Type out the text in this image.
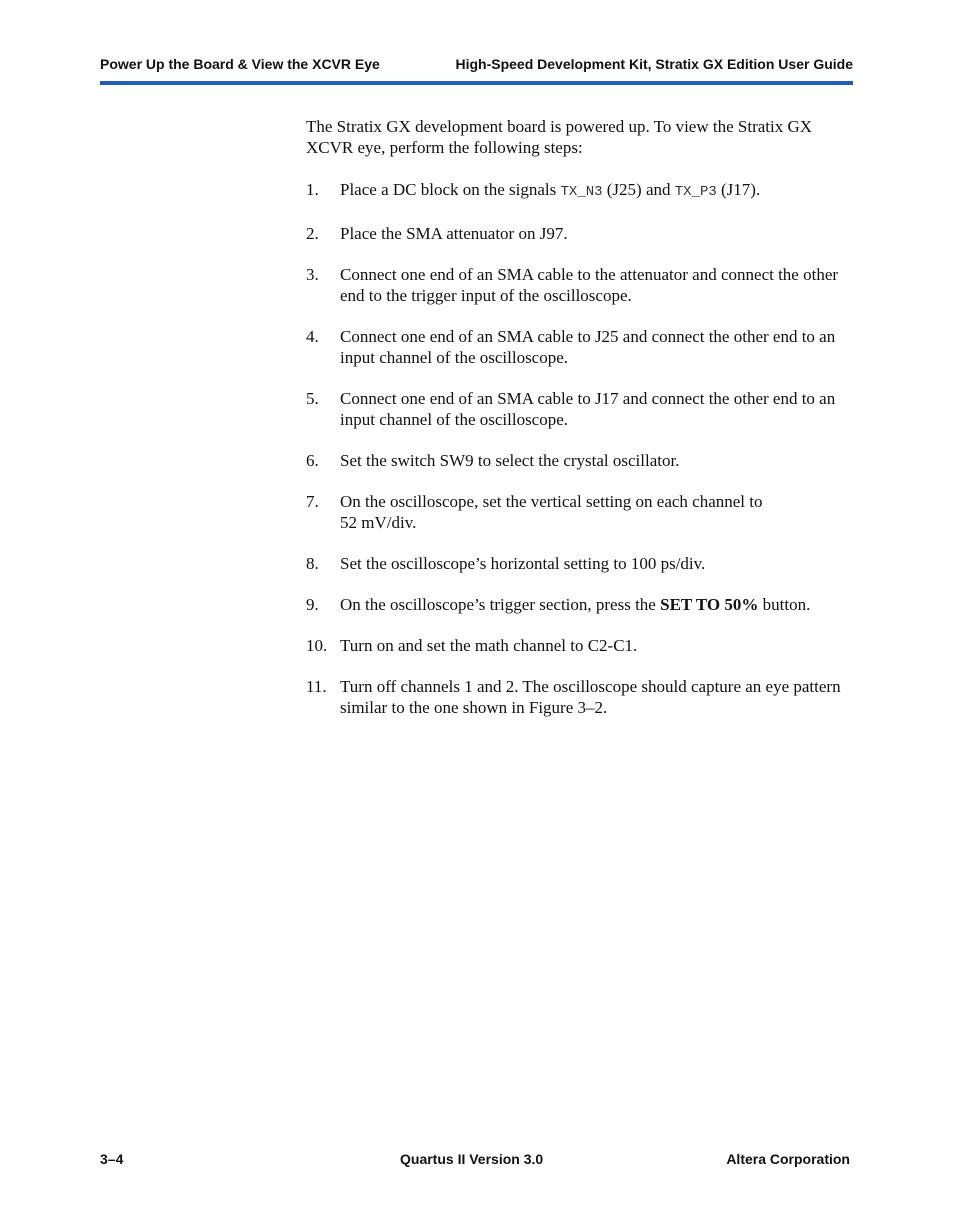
Power Up the Board & View the XCVR Eye	High-Speed Development Kit, Stratix GX Edition User Guide

The Stratix GX development board is powered up. To view the Stratix GX XCVR eye, perform the following steps:

1. Place a DC block on the signals TX_N3 (J25) and TX_P3 (J17).
2. Place the SMA attenuator on J97.
3. Connect one end of an SMA cable to the attenuator and connect the other end to the trigger input of the oscilloscope.
4. Connect one end of an SMA cable to J25 and connect the other end to an input channel of the oscilloscope.
5. Connect one end of an SMA cable to J17 and connect the other end to an input channel of the oscilloscope.
6. Set the switch SW9 to select the crystal oscillator.
7. On the oscilloscope, set the vertical setting on each channel to
52 mV/div.
8. Set the oscilloscope’s horizontal setting to 100 ps/div.
9. On the oscilloscope’s trigger section, press the SET TO 50% button.
10. Turn on and set the math channel to C2-C1.
11. Turn off channels 1 and 2. The oscilloscope should capture an eye pattern similar to the one shown in Figure 3–2.
3–4	Quartus II Version 3.0	Altera Corporation
